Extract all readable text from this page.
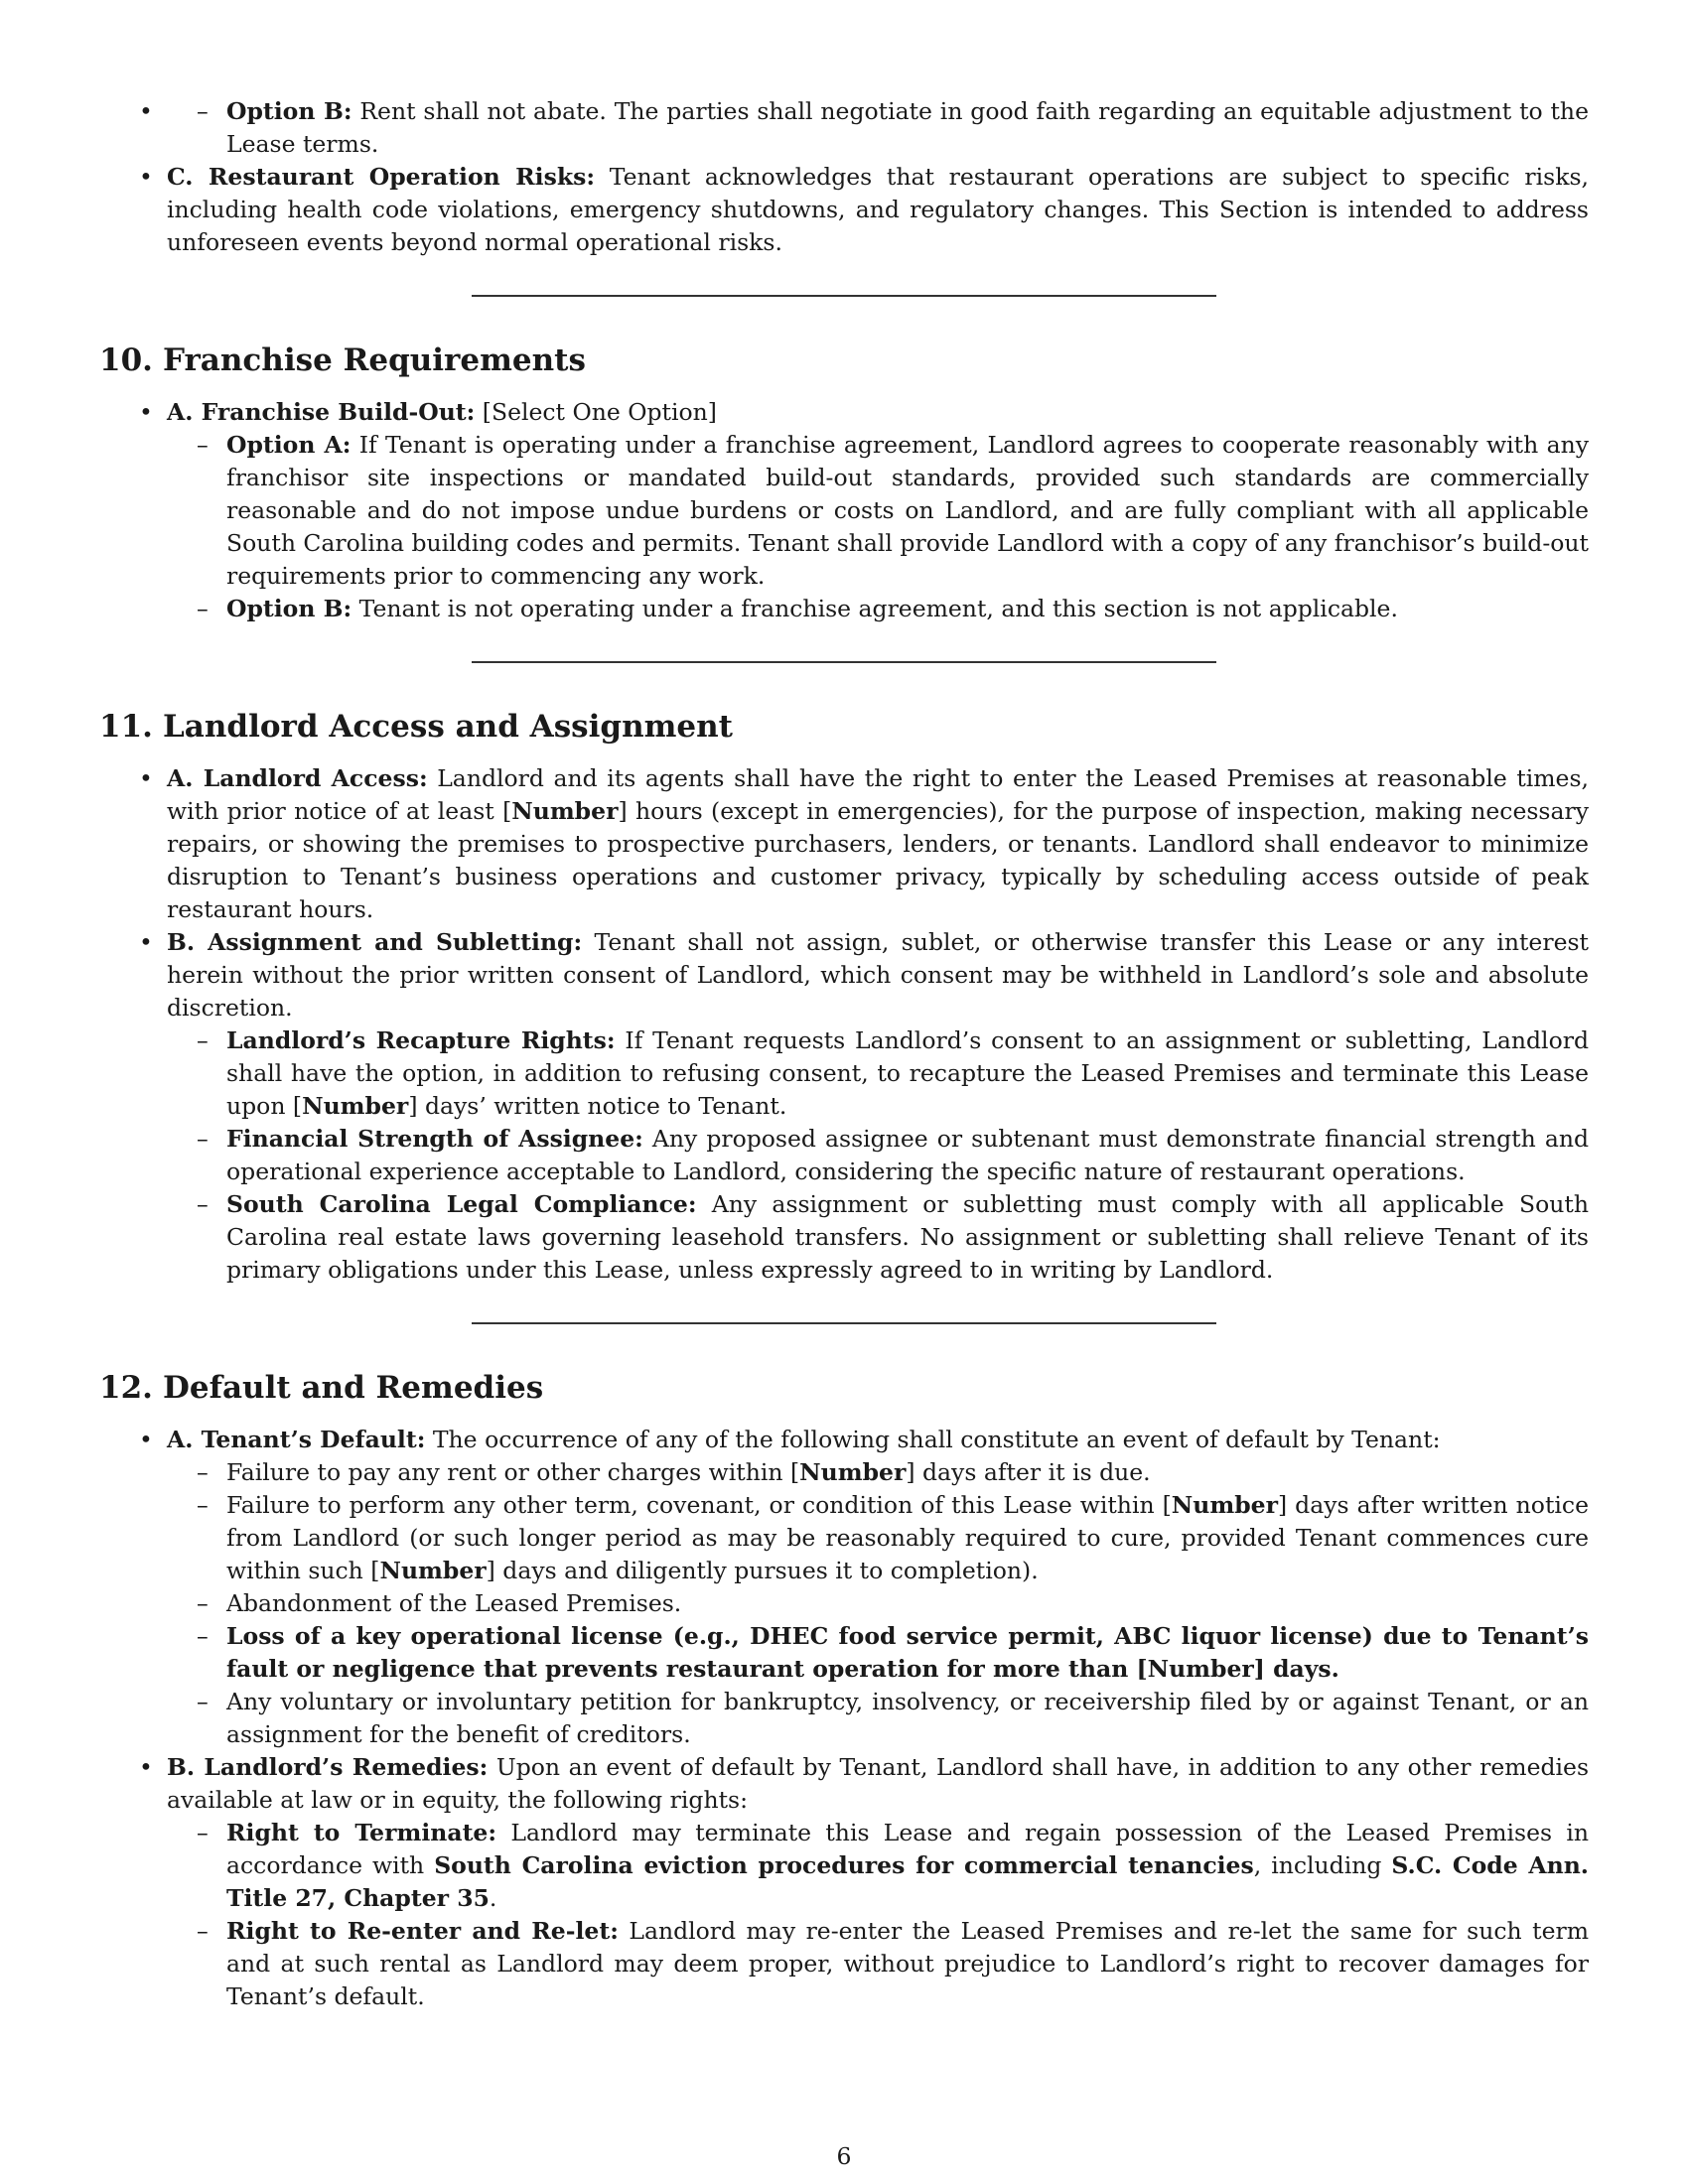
– • Option B: Rent shall not abate. The parties shall negotiate in good faith regarding an equitable adjustment to the Lease terms.
• C. Restaurant Operation Risks: Tenant acknowledges that restaurant operations are subject to specific risks, including health code violations, emergency shutdowns, and regulatory changes. This Section is intended to address unforeseen events beyond normal operational risks.
10. Franchise Requirements
• A. Franchise Build-Out: [Select One Option]
– Option A: If Tenant is operating under a franchise agreement, Landlord agrees to cooperate reasonably with any franchisor site inspections or mandated build-out standards, provided such standards are commercially reasonable and do not impose undue burdens or costs on Landlord, and are fully compliant with all applicable South Carolina building codes and permits. Tenant shall provide Landlord with a copy of any franchisor’s build-out requirements prior to commencing any work.
– Option B: Tenant is not operating under a franchise agreement, and this section is not applicable.
11. Landlord Access and Assignment
• A. Landlord Access: Landlord and its agents shall have the right to enter the Leased Premises at reasonable times, with prior notice of at least [Number] hours (except in emergencies), for the purpose of inspection, making necessary repairs, or showing the premises to prospective purchasers, lenders, or tenants. Landlord shall endeavor to minimize disruption to Tenant’s business operations and customer privacy, typically by scheduling access outside of peak restaurant hours.
• B. Assignment and Subletting: Tenant shall not assign, sublet, or otherwise transfer this Lease or any interest herein without the prior written consent of Landlord, which consent may be withheld in Landlord’s sole and absolute discretion.
– Landlord’s Recapture Rights: If Tenant requests Landlord’s consent to an assignment or subletting, Landlord shall have the option, in addition to refusing consent, to recapture the Leased Premises and terminate this Lease upon [Number] days’ written notice to Tenant.
– Financial Strength of Assignee: Any proposed assignee or subtenant must demonstrate financial strength and operational experience acceptable to Landlord, considering the specific nature of restaurant operations.
– South Carolina Legal Compliance: Any assignment or subletting must comply with all applicable South Carolina real estate laws governing leasehold transfers. No assignment or subletting shall relieve Tenant of its primary obligations under this Lease, unless expressly agreed to in writing by Landlord.
12. Default and Remedies
• A. Tenant’s Default: The occurrence of any of the following shall constitute an event of default by Tenant:
– Failure to pay any rent or other charges within [Number] days after it is due.
– Failure to perform any other term, covenant, or condition of this Lease within [Number] days after written notice from Landlord (or such longer period as may be reasonably required to cure, provided Tenant commences cure within such [Number] days and diligently pursues it to completion).
– Abandonment of the Leased Premises.
– Loss of a key operational license (e.g., DHEC food service permit, ABC liquor license) due to Tenant’s fault or negligence that prevents restaurant operation for more than [Number] days.
– Any voluntary or involuntary petition for bankruptcy, insolvency, or receivership filed by or against Tenant, or an assignment for the benefit of creditors.
• B. Landlord’s Remedies: Upon an event of default by Tenant, Landlord shall have, in addition to any other remedies available at law or in equity, the following rights:
– Right to Terminate: Landlord may terminate this Lease and regain possession of the Leased Premises in accordance with South Carolina eviction procedures for commercial tenancies, including S.C. Code Ann. Title 27, Chapter 35.
– Right to Re-enter and Re-let: Landlord may re-enter the Leased Premises and re-let the same for such term and at such rental as Landlord may deem proper, without prejudice to Landlord’s right to recover damages for Tenant’s default.
6
